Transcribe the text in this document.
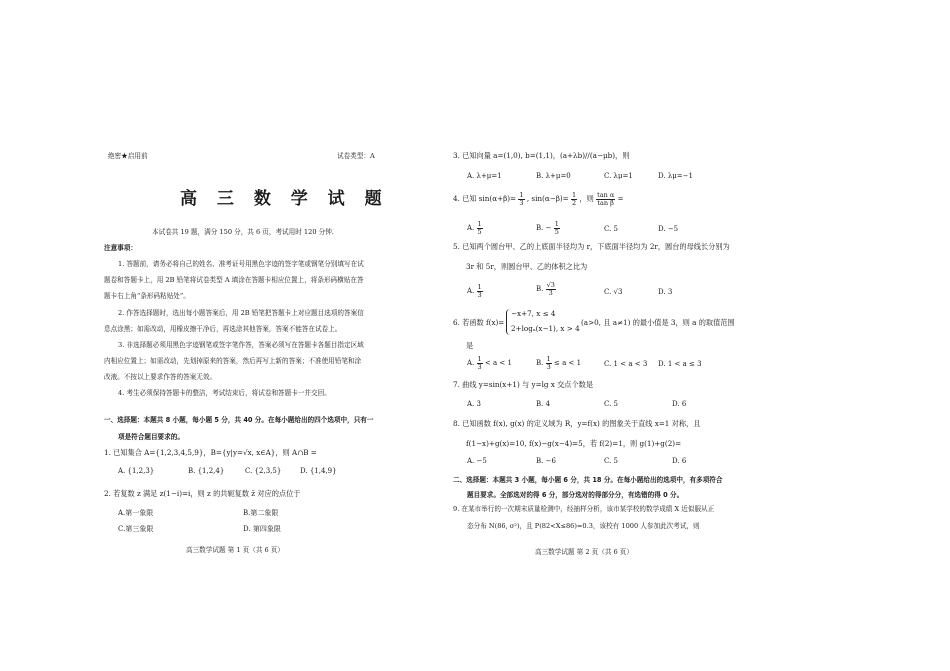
绝密★启用前	试卷类型：A
高 三 数 学 试 题
本试卷共 19 题，满分 150 分，共 6 页，考试用时 120 分钟.
注意事项：
1. 答题前，请务必将自己的姓名、准考证号用黑色字迹的签字笔或钢笔分别填写在试
题卷和答题卡上，用 2B 铅笔将试卷类型 A 填涂在答题卡相应位置上，将条形码横贴在答
题卡右上角“条形码粘贴处”。
2. 作答选择题时，选出每小题答案后，用 2B 铅笔把答题卡上对应题目选项的答案信
息点涂黑；如需改动，用橡皮擦干净后，再选涂其他答案，答案不能答在试卷上。
3. 非选择题必须用黑色字迹钢笔或签字笔作答，答案必须写在答题卡各题目指定区域
内相应位置上；如需改动，先划掉原来的答案，然后再写上新的答案；不准使用铅笔和涂
改液。不按以上要求作答的答案无效。
4. 考生必须保持答题卡的整洁，考试结束后，将试卷和答题卡一并交回。
一、选择题：本题共 8 小题，每小题 5 分，共 40 分。在每小题给出的四个选项中，只有一
项是符合题目要求的。
1. 已知集合 A={1,2,3,4,5,9}，B={y|y=√x, x∈A}，则 A∩B =
A. {1,2,3}	B. {1,2,4}	C. {2,3,5}	D. {1,4,9}
2. 若复数 z 满足 z(1−i)=i，则 z 的共轭复数 z̄ 对应的点位于
A.第一象限	B.第二象限
C.第三象限	D. 第四象限
高三数学试题 第 1 页（共 6 页）
3. 已知向量 a=(1,0), b=(1,1)，(a+λb)//(a−μb)，则
A. λ+μ=1	B. λ+μ=0	C. λμ=1	D. λμ=−1
4. 已知 $\sin(\alpha+\beta)= \frac{1}{3}$ , $\sin(\alpha-\beta)= \frac{1}{2}$ ，则 $\frac{\text{tan α}}{\text{tan β}}$ =
A. $\frac{1}{5}$	B. − $\frac{1}{5}$	C. 5	D. −5
5. 已知两个圆台甲、乙的上底面半径均为 r，下底面半径均为 2r，圆台的母线长分别为
3r 和 5r，则圆台甲、乙的体积之比为
A. $\frac{1}{3}$	B. $\frac{√3}{3}$	C. √3	D. 3
6. 若函数 f(x)=
−x+7, x ≤ 4
2+logₐ(x−1), x > 4
(a>0, 且 a≠1) 的最小值是 3，则 a 的取值范围
是
A. $\frac{1}{3} < a < 1$	B. $\frac{1}{3} \le a < 1$	C. 1 < a < 3 D. 1 < a ≤ 3
7. 曲线 y=sin(x+1) 与 y=lg x 交点个数是
A. 3	B. 4	C. 5	D. 6
8. 已知函数 f(x), g(x) 的定义域为 R，y=f(x) 的图象关于直线 x=1 对称，且
f(1−x)+g(x)=10, f(x)−g(x−4)=5，若 f(2)=1，则 g(1)+g(2)=
A. −5	B. −6	C. 5	D. 6
二、选择题：本题共 3 小题，每小题 6 分，共 18 分。在每小题给出的选项中，有多项符合
题目要求。全部选对的得 6 分，部分选对的得部分分，有选错的得 0 分。
9. 在某市举行的一次期末质量检测中，经抽样分析，该市某学校的数学成绩 X 近似服从正
态分布 N(86, σ²)，且 P(82<X≤86)=0.3，该校有 1000 人参加此次考试，则
高三数学试题 第 2 页（共 6 页）
